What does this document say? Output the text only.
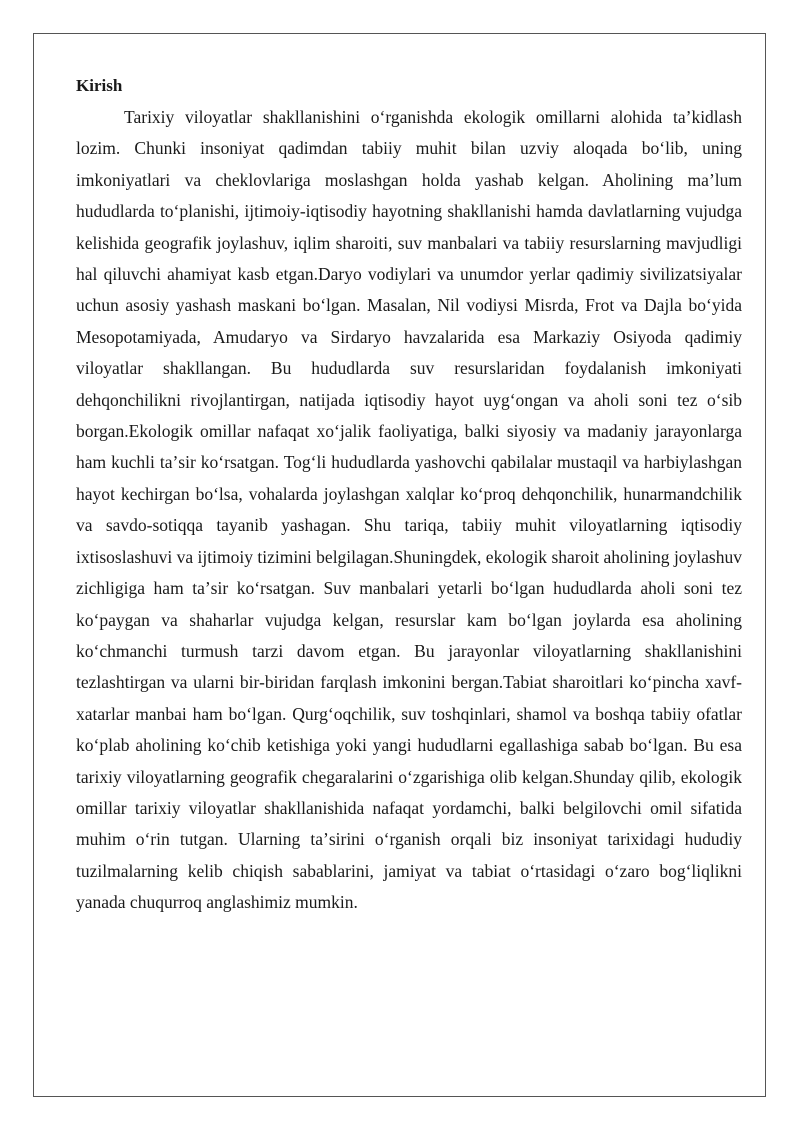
Kirish

Tarixiy viloyatlar shakllanishini oʻrganishda ekologik omillarni alohida taʼkidlash lozim. Chunki insoniyat qadimdan tabiiy muhit bilan uzviy aloqada boʻlib, uning imkoniyatlari va cheklovlariga moslashgan holda yashab kelgan. Aholining maʼlum hududlarda toʻplanishi, ijtimoiy-iqtisodiy hayotning shakllanishi hamda davlatlarning vujudga kelishida geografik joylashuv, iqlim sharoiti, suv manbalari va tabiiy resurslarning mavjudligi hal qiluvchi ahamiyat kasb etgan.Daryo vodiylari va unumdor yerlar qadimiy sivilizatsiyalar uchun asosiy yashash maskani boʻlgan. Masalan, Nil vodiysi Misrda, Frot va Dajla boʻyida Mesopotamiyada, Amudaryo va Sirdaryo havzalarida esa Markaziy Osiyoda qadimiy viloyatlar shakllangan. Bu hududlarda suv resurslaridan foydalanish imkoniyati dehqonchilikni rivojlantirgan, natijada iqtisodiy hayot uygʻongan va aholi soni tez oʻsib borgan.Ekologik omillar nafaqat xoʻjalik faoliyatiga, balki siyosiy va madaniy jarayonlarga ham kuchli taʼsir koʻrsatgan. Togʻli hududlarda yashovchi qabilalar mustaqil va harbiylashgan hayot kechirgan boʻlsa, vohalarda joylashgan xalqlar koʻproq dehqonchilik, hunarmandchilik va savdo-sotiqqa tayanib yashagan. Shu tariqa, tabiiy muhit viloyatlarning iqtisodiy ixtisoslashuvi va ijtimoiy tizimini belgilagan.Shuningdek, ekologik sharoit aholining joylashuv zichligiga ham taʼsir koʻrsatgan. Suv manbalari yetarli boʻlgan hududlarda aholi soni tez koʻpaygan va shaharlar vujudga kelgan, resurslar kam boʻlgan joylarda esa aholining koʻchmanchi turmush tarzi davom etgan. Bu jarayonlar viloyatlarning shakllanishini tezlashtirgan va ularni bir-biridan farqlash imkonini bergan.Tabiat sharoitlari koʻpincha xavf-xatarlar manbai ham boʻlgan. Qurgʻoqchilik, suv toshqinlari, shamol va boshqa tabiiy ofatlar koʻplab aholining koʻchib ketishiga yoki yangi hududlarni egallashiga sabab boʻlgan. Bu esa tarixiy viloyatlarning geografik chegaralarini oʻzgarishiga olib kelgan.Shunday qilib, ekologik omillar tarixiy viloyatlar shakllanishida nafaqat yordamchi, balki belgilovchi omil sifatida muhim oʻrin tutgan. Ularning taʼsirini oʻrganish orqali biz insoniyat tarixidagi hududiy tuzilmalarning kelib chiqish sabablarini, jamiyat va tabiat oʻrtasidagi oʻzaro bogʻliqlikni yanada chuqurroq anglashimiz mumkin.
